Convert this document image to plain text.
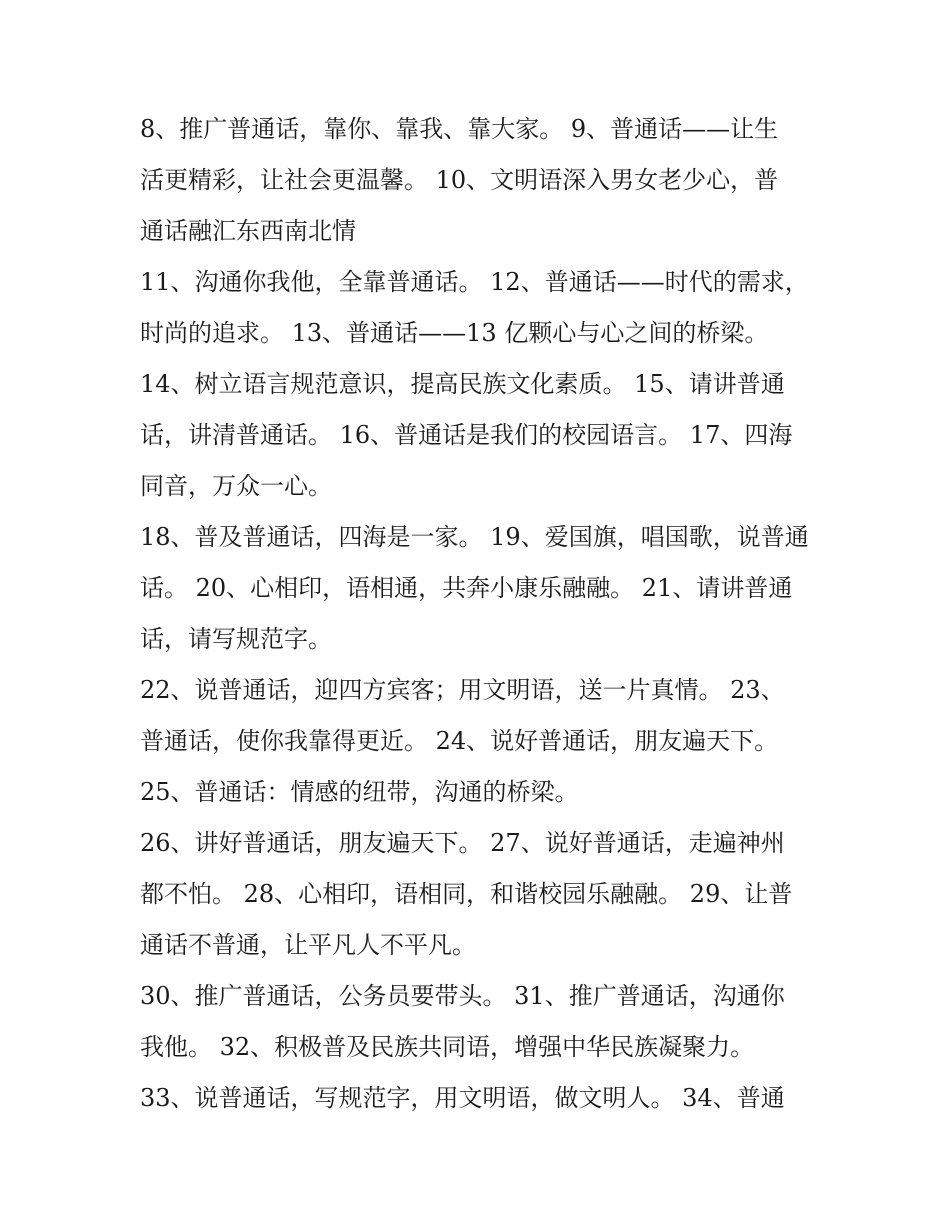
8、推广普通话，靠你、靠我、靠大家。 9、普通话——让生
活更精彩，让社会更温馨。 10、文明语深入男女老少心，普
通话融汇东西南北情
11、沟通你我他，全靠普通话。 12、普通话——时代的需求，
时尚的追求。 13、普通话——13 亿颗心与心之间的桥梁。
14、树立语言规范意识，提高民族文化素质。 15、请讲普通
话，讲清普通话。 16、普通话是我们的校园语言。 17、四海
同音，万众一心。
18、普及普通话，四海是一家。 19、爱国旗，唱国歌，说普通
话。 20、心相印，语相通，共奔小康乐融融。 21、请讲普通
话，请写规范字。
22、说普通话，迎四方宾客；用文明语，送一片真情。 23、
普通话，使你我靠得更近。 24、说好普通话，朋友遍天下。
25、普通话：情感的纽带，沟通的桥梁。
26、讲好普通话，朋友遍天下。 27、说好普通话，走遍神州
都不怕。 28、心相印，语相同，和谐校园乐融融。 29、让普
通话不普通，让平凡人不平凡。
30、推广普通话，公务员要带头。 31、推广普通话，沟通你
我他。 32、积极普及民族共同语，增强中华民族凝聚力。
33、说普通话，写规范字，用文明语，做文明人。 34、普通
